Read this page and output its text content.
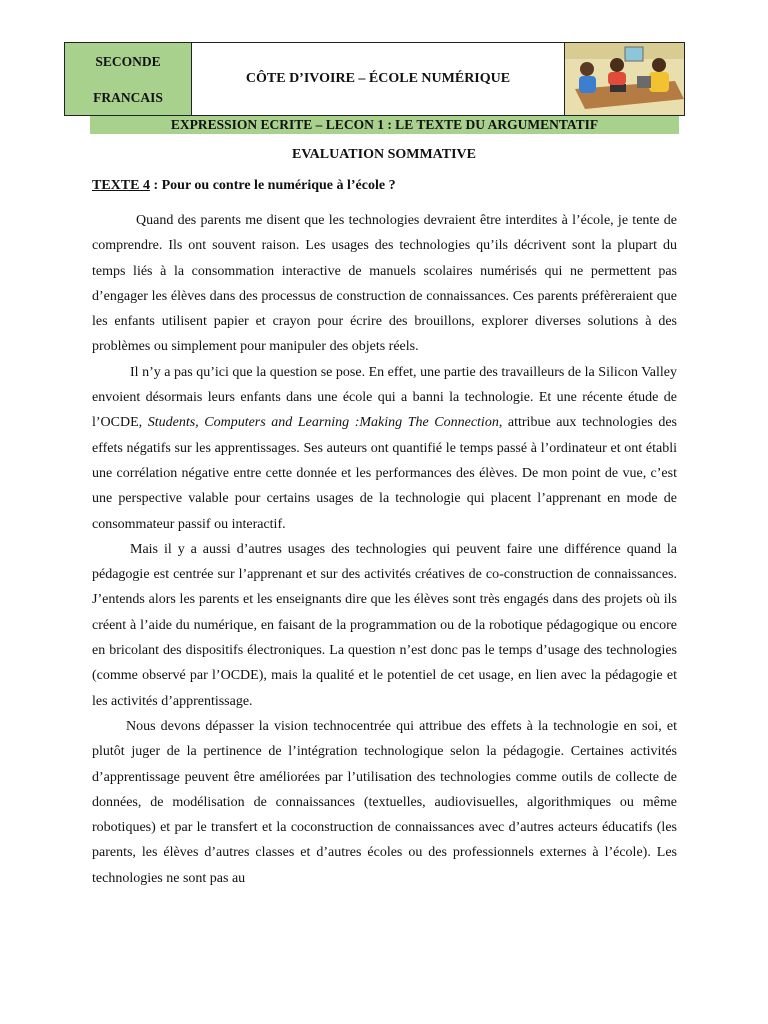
SECONDE
FRANCAIS
CÔTE D’IVOIRE – ÉCOLE NUMÉRIQUE
EXPRESSION ECRITE – LECON 1 : LE TEXTE DU ARGUMENTATIF
EVALUATION SOMMATIVE
TEXTE 4 : Pour ou contre le numérique à l’école ?

Quand des parents me disent que les technologies devraient être interdites à l’école, je tente de comprendre. Ils ont souvent raison. Les usages des technologies qu’ils décrivent sont la plupart du temps liés à la consommation interactive de manuels scolaires numérisés qui ne permettent pas d’engager les élèves dans des processus de construction de connaissances. Ces parents préfèreraient que les enfants utilisent papier et crayon pour écrire des brouillons, explorer diverses solutions à des problèmes ou simplement pour manipuler des objets réels.

Il n’y a pas qu’ici que la question se pose. En effet, une partie des travailleurs de la Silicon Valley envoient désormais leurs enfants dans une école qui a banni la technologie. Et une récente étude de l’OCDE, Students, Computers and Learning :Making The Connection, attribue aux technologies des effets négatifs sur les apprentissages. Ses auteurs ont quantifié le temps passé à l’ordinateur et ont établi une corrélation négative entre cette donnée et les performances des élèves. De mon point de vue, c’est une perspective valable pour certains usages de la technologie qui placent l’apprenant en mode de consommateur passif ou interactif.

Mais il y a aussi d’autres usages des technologies qui peuvent faire une différence quand la pédagogie est centrée sur l’apprenant et sur des activités créatives de co-construction de connaissances. J’entends alors les parents et les enseignants dire que les élèves sont très engagés dans des projets où ils créent à l’aide du numérique, en faisant de la programmation ou de la robotique pédagogique ou encore en bricolant des dispositifs électroniques. La question n’est donc pas le temps d’usage des technologies (comme observé par l’OCDE), mais la qualité et le potentiel de cet usage, en lien avec la pédagogie et les activités d’apprentissage.

Nous devons dépasser la vision technocentrée qui attribue des effets à la technologie en soi, et plutôt juger de la pertinence de l’intégration technologique selon la pédagogie. Certaines activités d’apprentissage peuvent être améliorées par l’utilisation des technologies comme outils de collecte de données, de modélisation de connaissances (textuelles, audiovisuelles, algorithmiques ou même robotiques) et par le transfert et la coconstruction de connaissances avec d’autres acteurs éducatifs (les parents, les élèves d’autres classes et d’autres écoles ou des professionnels externes à l’école). Les technologies ne sont pas au
